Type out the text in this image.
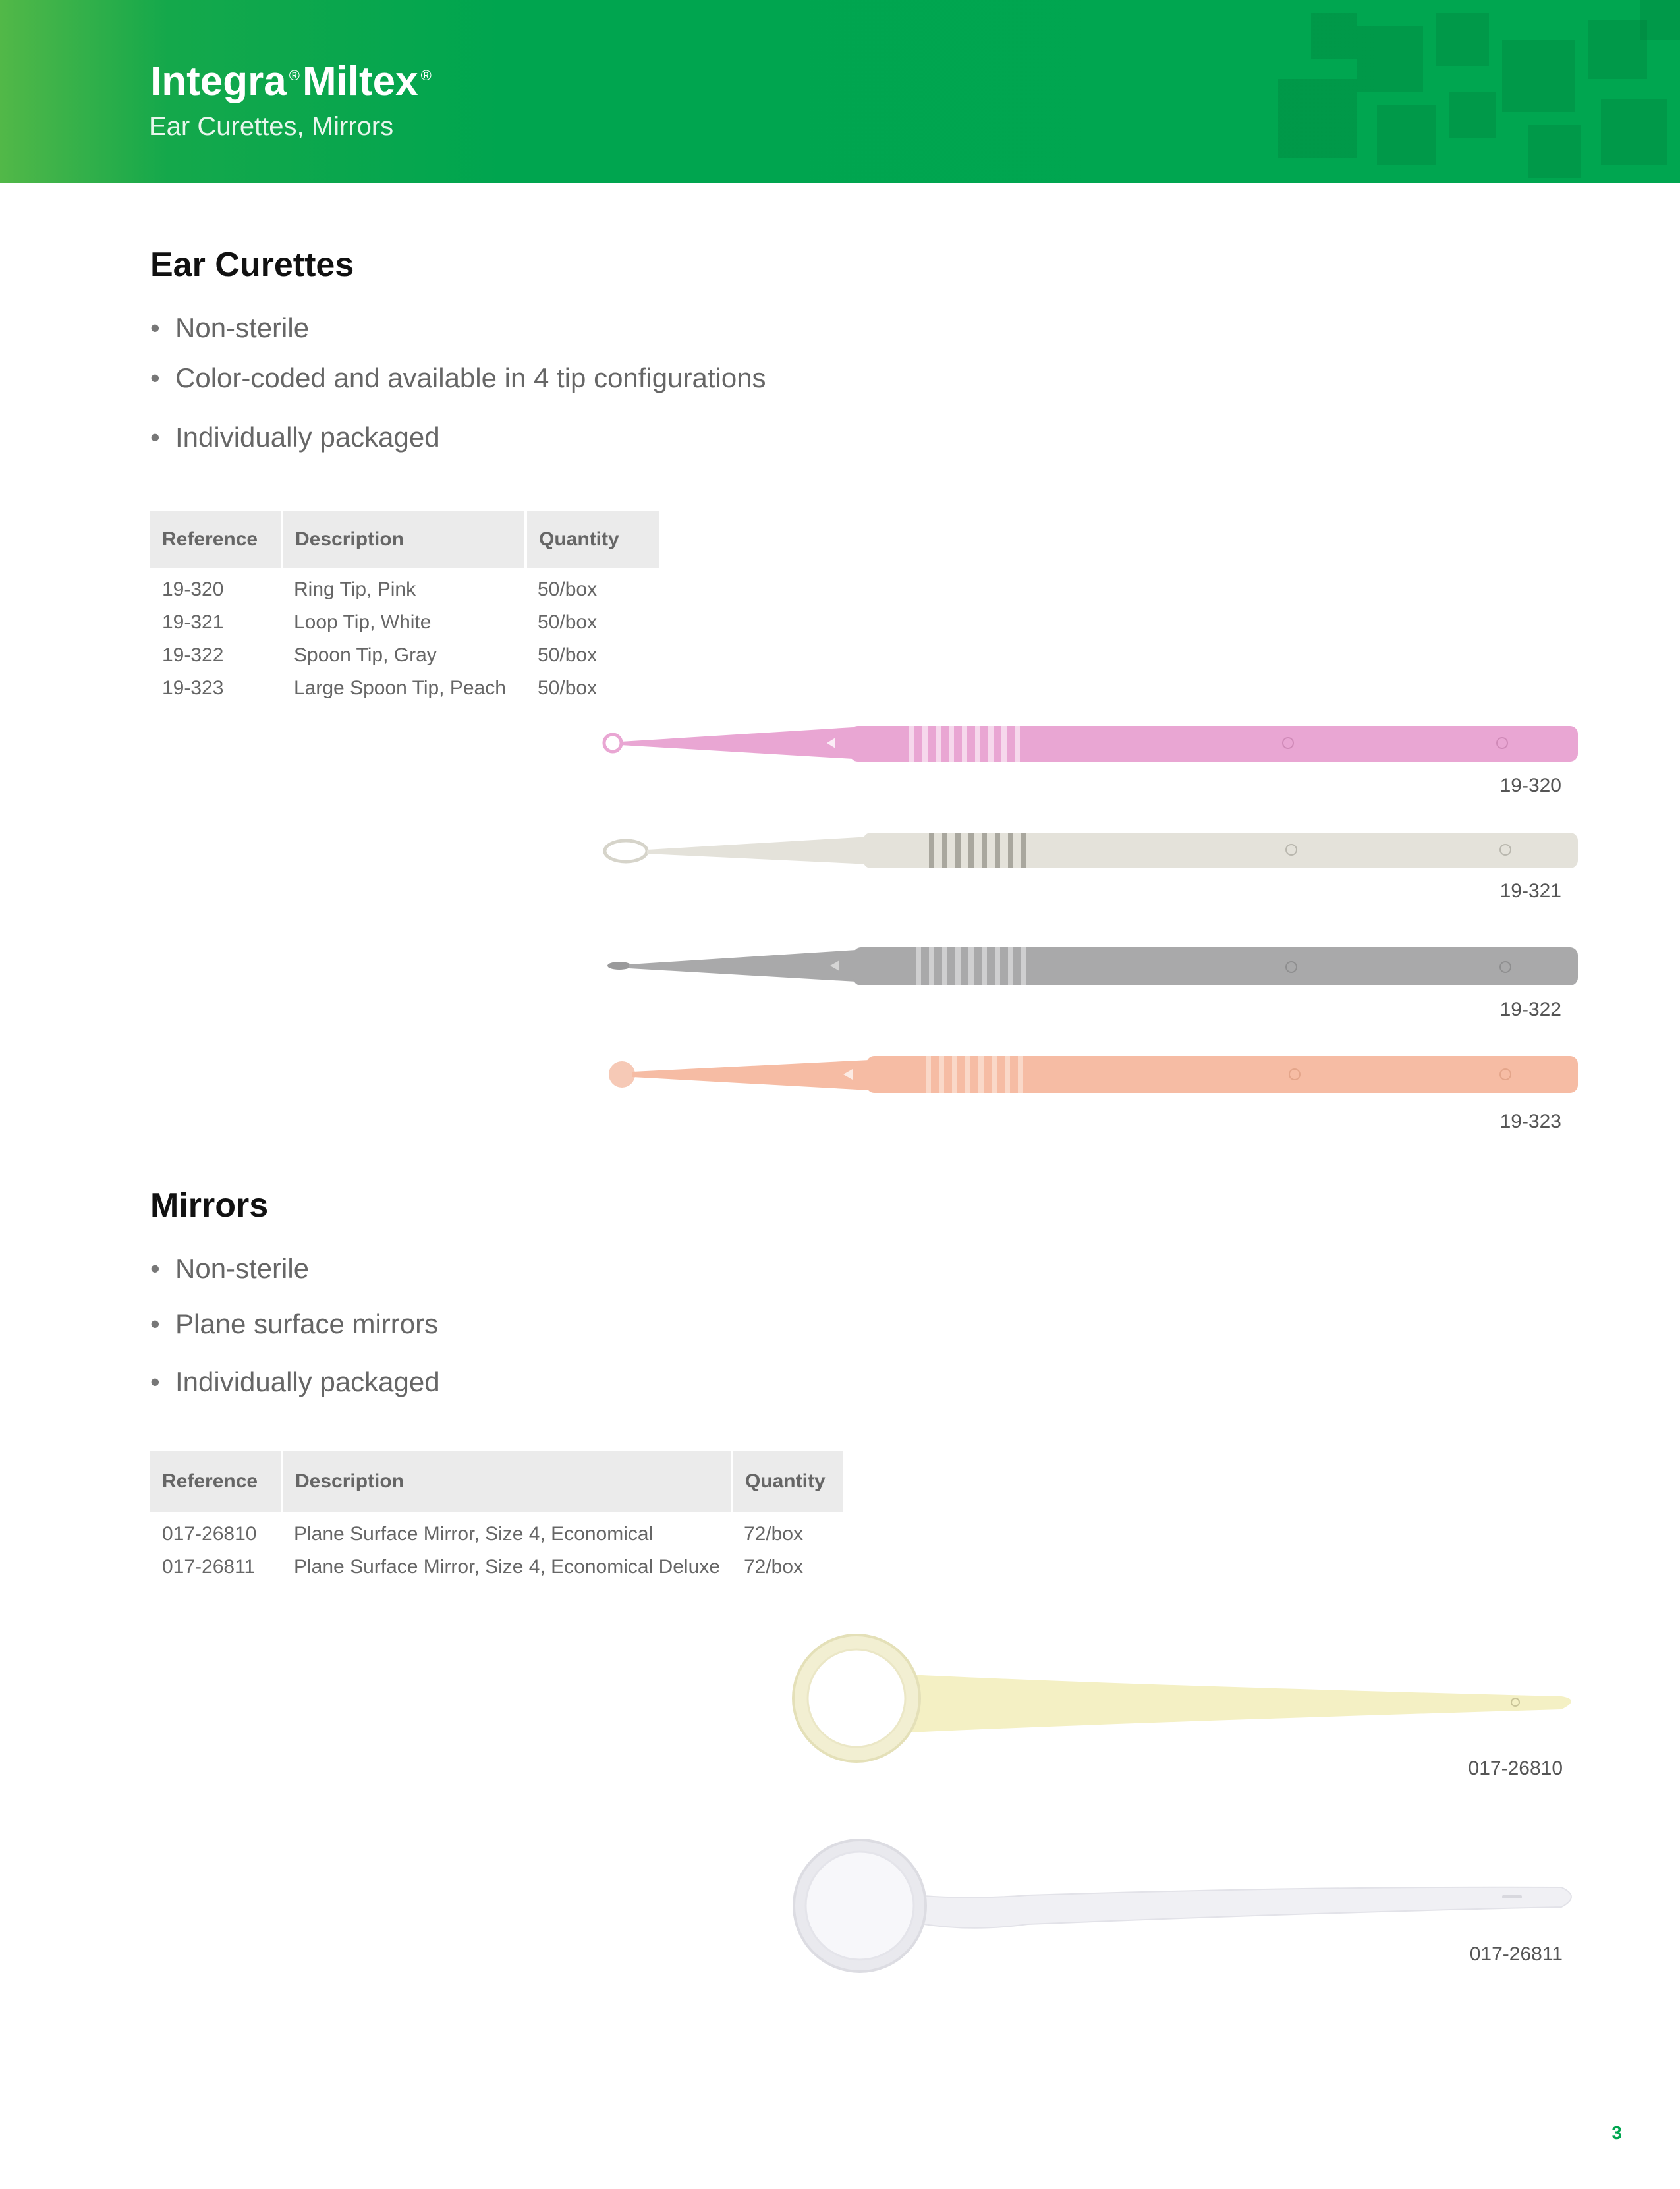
Integra ®Miltex ®
Ear Curettes, Mirrors
Ear Curettes
• Non-sterile
• Color-coded and available in 4 tip configurations
• Individually packaged
Reference	Description	Quantity
19-320	Ring Tip, Pink	50/box
19-321	Loop Tip, White	50/box
19-322	Spoon Tip, Gray	50/box
19-323	Large Spoon Tip, Peach	50/box
19-320
19-321
19-322
19-323
Mirrors
• Non-sterile
• Plane surface mirrors
• Individually packaged
Reference	Description	Quantity
017-26810	Plane Surface Mirror, Size 4, Economical	72/box
017-26811	Plane Surface Mirror, Size 4, Economical Deluxe	72/box
017-26810
017-26811
3
